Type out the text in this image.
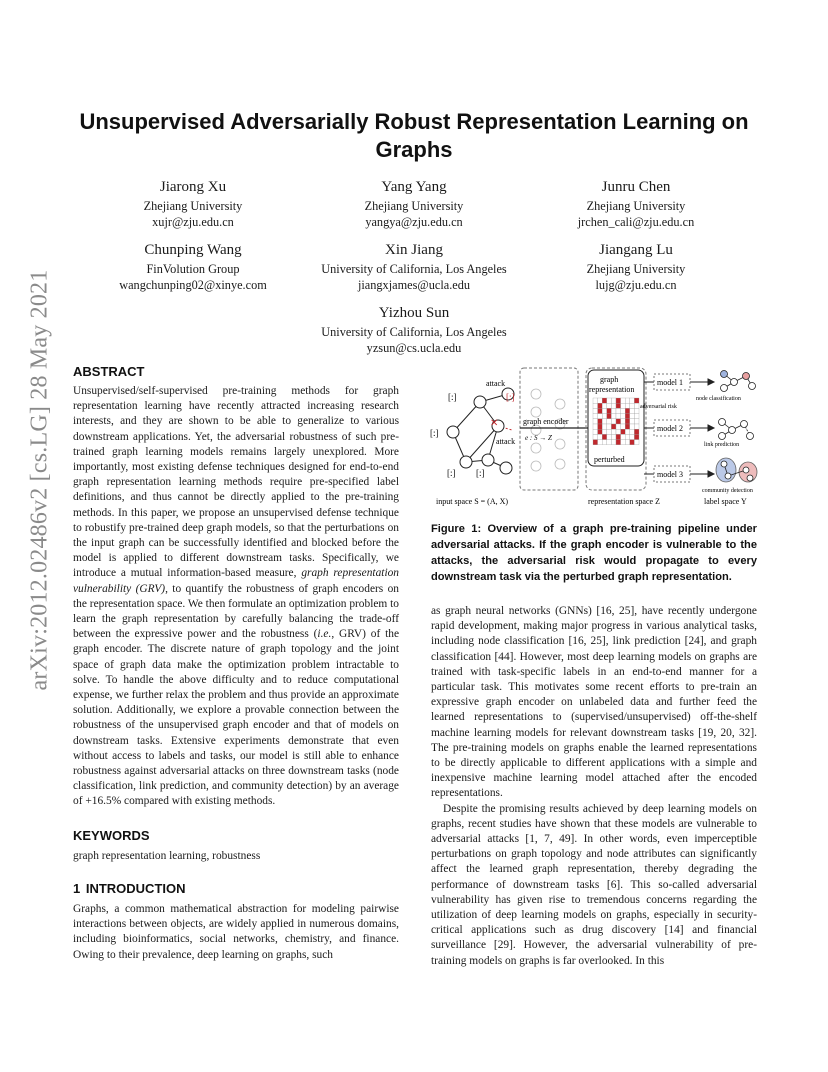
arXiv:2012.02486v2 [cs.LG] 28 May 2021
Unsupervised Adversarially Robust Representation Learning on
Graphs
Jiarong Xu
Zhejiang University
xujr@zju.edu.cn
Yang Yang
Zhejiang University
yangya@zju.edu.cn
Junru Chen
Zhejiang University
jrchen_cali@zju.edu.cn
Chunping Wang
FinVolution Group
wangchunping02@xinye.com
Xin Jiang
University of California, Los Angeles
jiangxjames@ucla.edu
Jiangang Lu
Zhejiang University
lujg@zju.edu.cn
Yizhou Sun
University of California, Los Angeles
yzsun@cs.ucla.edu
ABSTRACT

Unsupervised/self-supervised pre-training methods for graph representation learning have recently attracted increasing research interests, and they are shown to be able to generalize to various downstream applications. Yet, the adversarial robustness of such pre-trained graph learning models remains largely unexplored. More importantly, most existing defense techniques designed for end-to-end graph representation learning methods require pre-specified label definitions, and thus cannot be directly applied to the pre-training methods. In this paper, we propose an unsupervised defense technique to robustify pre-trained deep graph models, so that the perturbations on the input graph can be successfully identified and blocked before the model is applied to different downstream tasks. Specifically, we introduce a mutual information-based measure, graph representation vulnerability (GRV), to quantify the robustness of graph encoders on the representation space. We then formulate an optimization problem to learn the graph representation by carefully balancing the trade-off between the expressive power and the robustness (i.e., GRV) of the graph encoder. The discrete nature of graph topology and the joint space of graph data make the optimization problem intractable to solve. To handle the above difficulty and to reduce computational expense, we further relax the problem and thus provide an approximate solution. Additionally, we explore a provable connection between the robustness of the unsupervised graph encoder and that of models on downstream tasks. Extensive experiments demonstrate that even without access to labels and tasks, our model is still able to enhance robustness against adversarial attacks on three downstream tasks (node classification, link prediction, and community detection) by an average of +16.5% compared with existing methods.

KEYWORDS
graph representation learning, robustness
1 INTRODUCTION
Graphs, a common mathematical abstraction for modeling pairwise interactions between objects, are widely applied in numerous domains, including bioinformatics, social networks, chemistry, and finance. Owing to their prevalence, deep learning on graphs, such

as graph neural networks (GNNs) [16, 25], have recently undergone rapid development, making major progress in various analytical tasks, including node classification [16, 25], link prediction [24], and graph classification [44]. However, most deep learning models on graphs are trained with task-specific labels in an end-to-end manner for a particular task. This motivates some recent efforts to pre-train an expressive graph encoder on unlabeled data and further feed the learned representations to (supervised/unsupervised) off-the-shelf machine learning models for relevant downstream tasks [19, 20, 32]. The pre-training models on graphs enable the learned representations to be directly applicable to different applications with a simple and inexpensive machine learning model attached after the encoded representations.

Despite the promising results achieved by deep learning models on graphs, recent studies have shown that these models are vulnerable to adversarial attacks [1, 7, 49]. In other words, even imperceptible perturbations on graph topology and node attributes can significantly affect the learned graph representation, thereby degrading the performance of downstream tasks [6]. This so-called adversarial vulnerability has given rise to tremendous concerns regarding the utilization of deep learning models on graphs, especially in security-critical applications such as drug discovery [14] and financial surveillance [29]. However, the adversarial vulnerability of pre-training models on graphs is far overlooked. In this

✕
[:]
[:]
[:] [:]
[:]
attack
attack
input space S = (A, X)
graph encoder
e : S → Z
graph
representation
perturbed
representation space Z
model 1
model 2
model 3
adversarial risk
node classification
link prediction
community detection
label space Y
Figure 1: Overview of a graph pre-training pipeline under adversarial attacks. If the graph encoder is vulnerable to the attacks, the adversarial risk would propagate to every downstream task via the perturbed graph representation.
